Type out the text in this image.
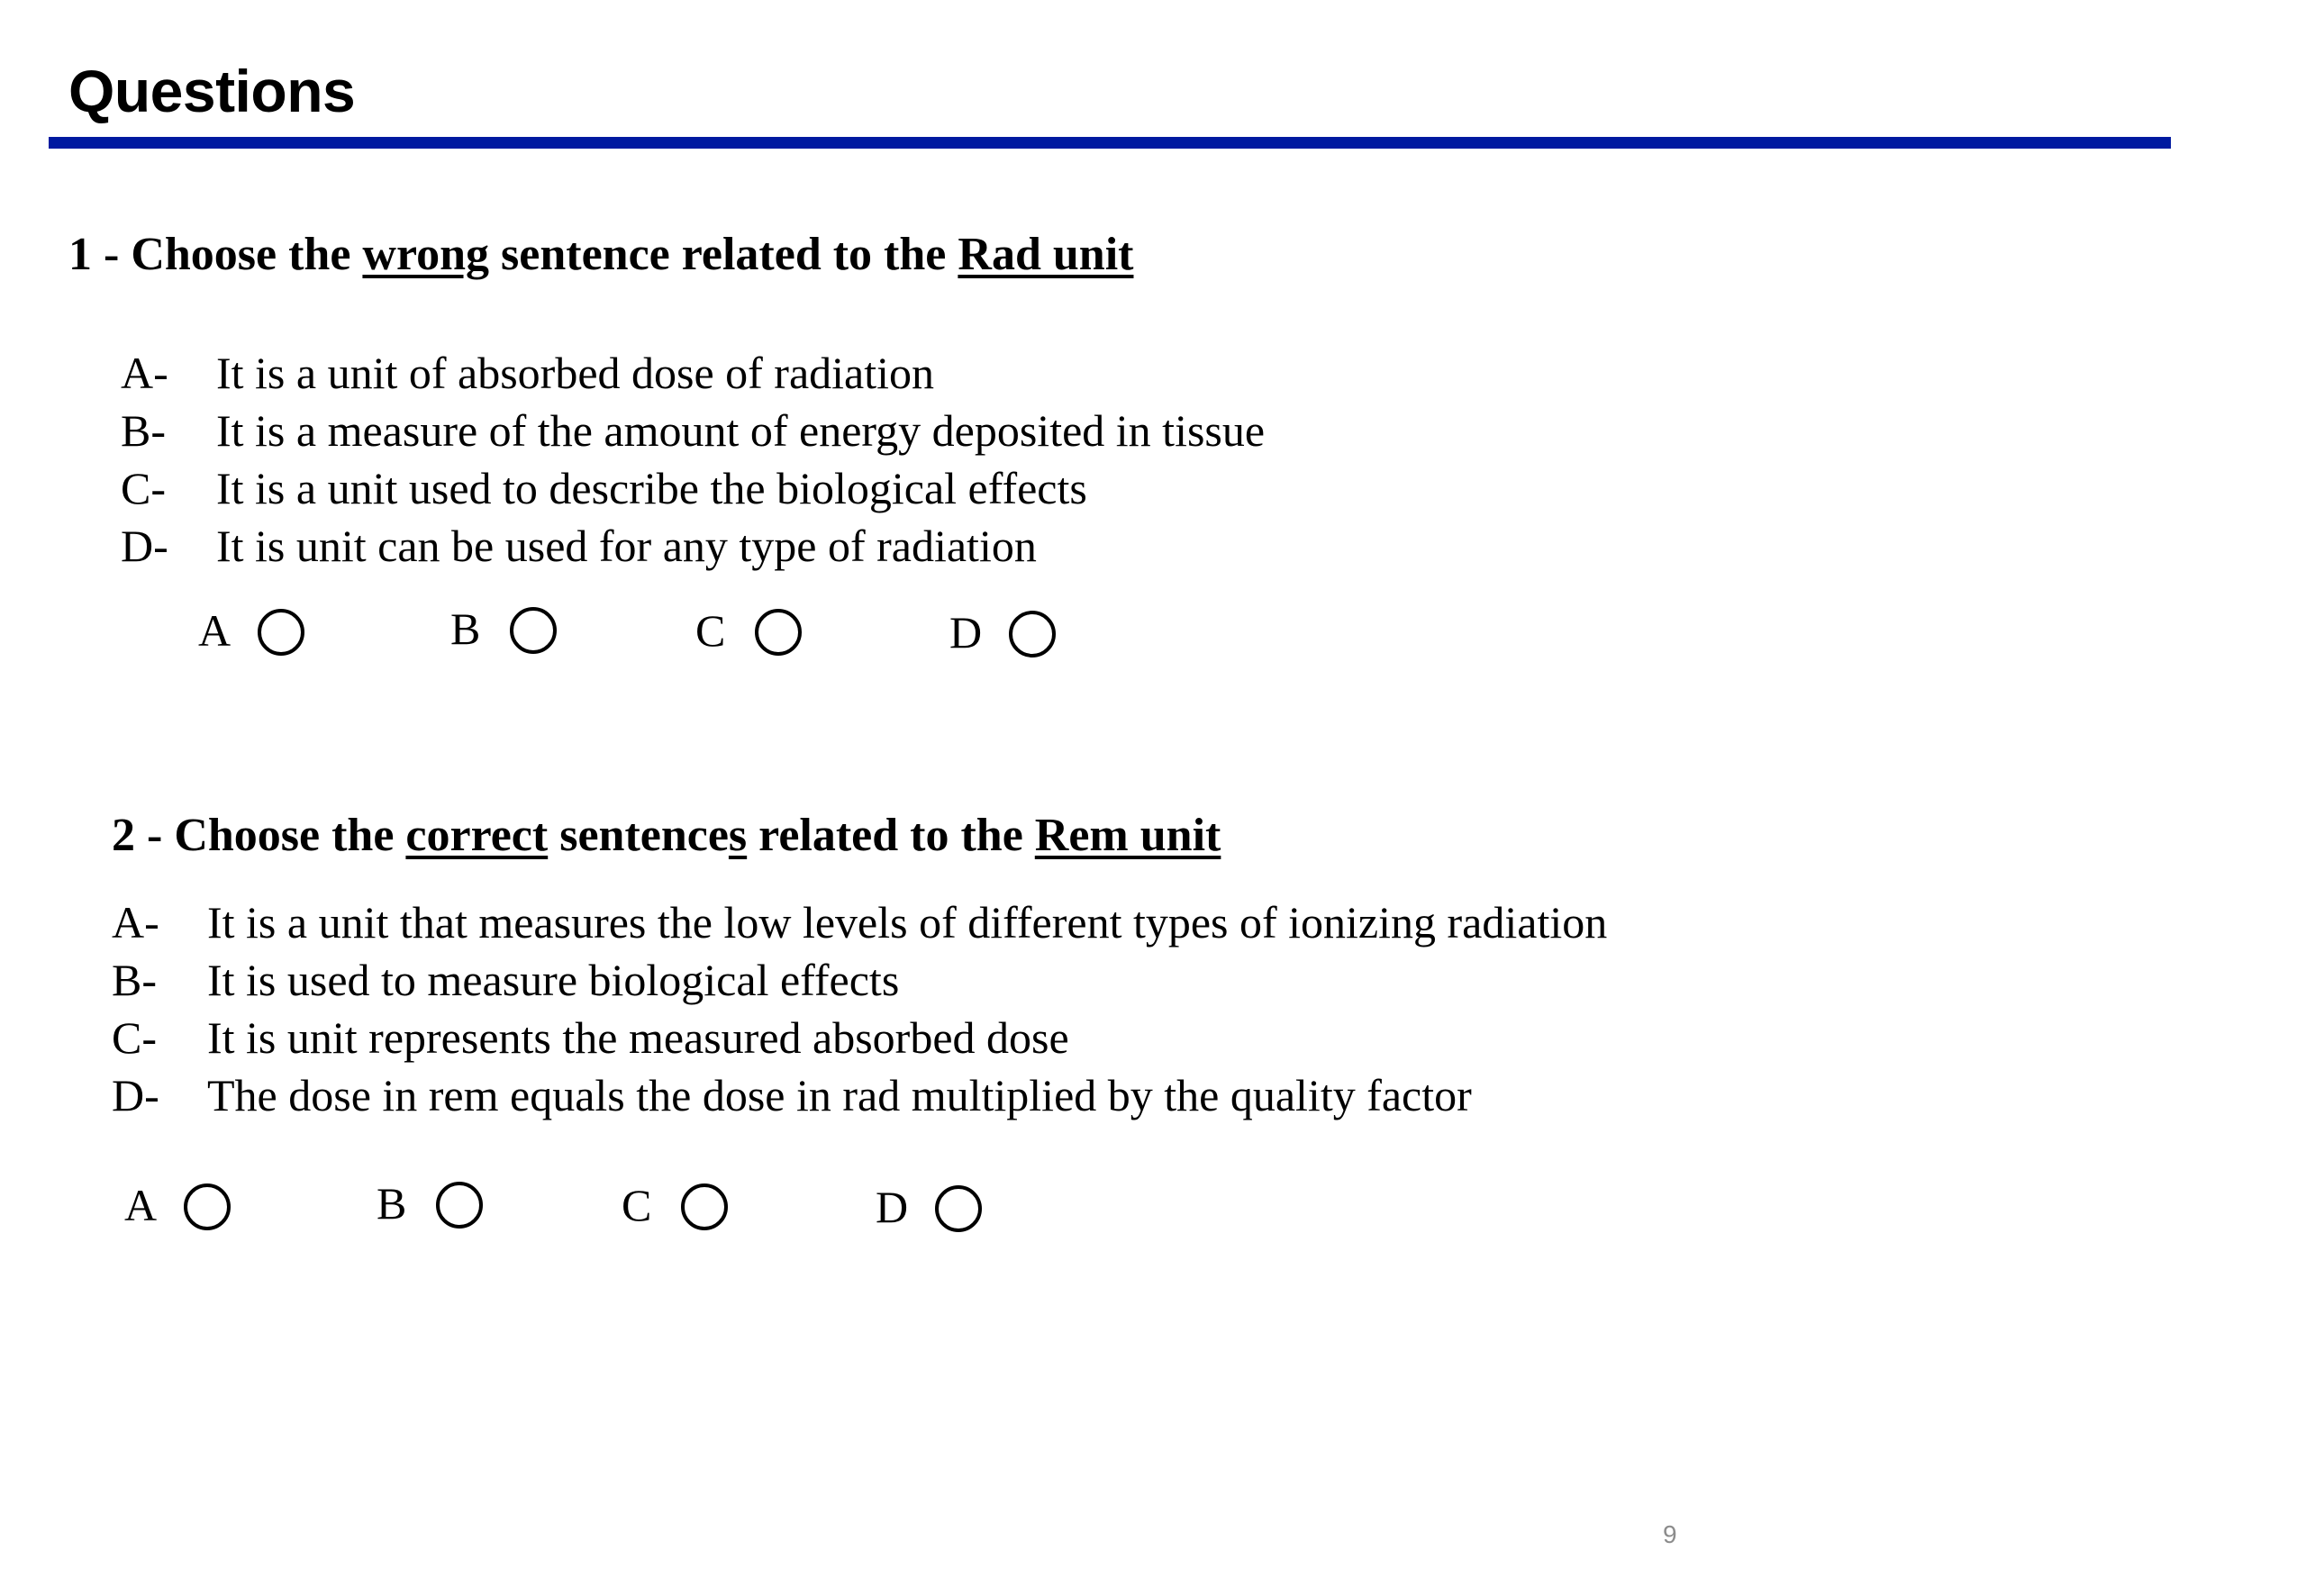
Questions
1 - Choose the wrong sentence related to the Rad unit
A- It is a unit of absorbed dose of radiation
B- It is a measure of the amount of energy deposited in tissue
C- It is a unit used to describe the biological effects
D- It is unit can be used for any type of radiation
A	B	C	D
2 - Choose the correct sentences related to the Rem unit
A- It is a unit that measures the low levels of different types of ionizing radiation
B- It is used to measure biological effects
C- It is unit represents the measured absorbed dose
D- The dose in rem equals the dose in rad multiplied by the quality factor
A	B	C	D
9
